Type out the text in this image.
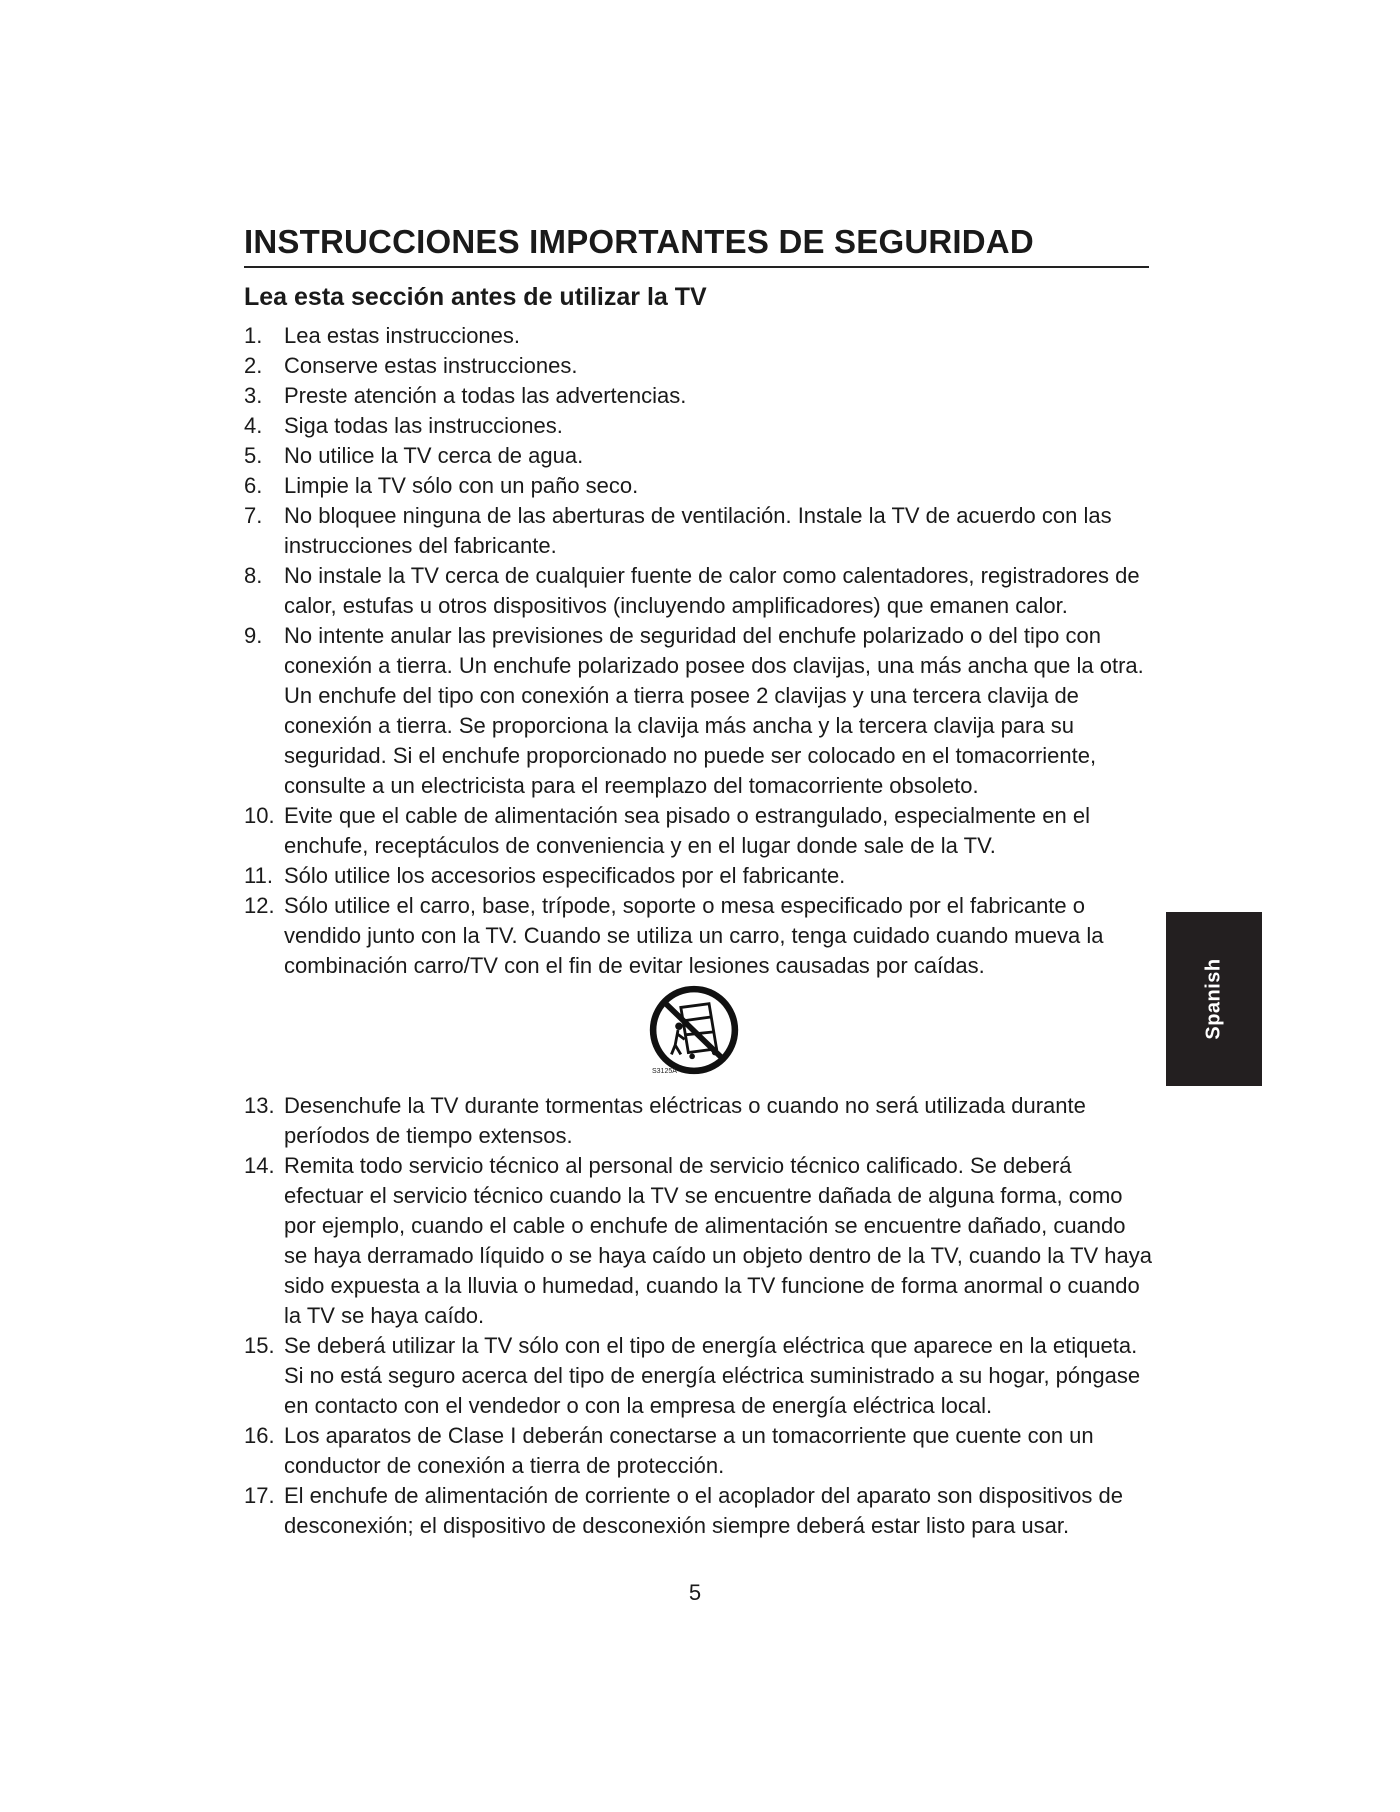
INSTRUCCIONES IMPORTANTES DE SEGURIDAD
Lea esta sección antes de utilizar la TV
1. Lea estas instrucciones.
2. Conserve estas instrucciones.
3. Preste atención a todas las advertencias.
4. Siga todas las instrucciones.
5. No utilice la TV cerca de agua.
6. Limpie la TV sólo con un paño seco.
7. No bloquee ninguna de las aberturas de ventilación. Instale la TV de acuerdo con las instrucciones del fabricante.
8. No instale la TV cerca de cualquier fuente de calor como calentadores, registradores de calor, estufas u otros dispositivos (incluyendo amplificadores) que emanen calor.
9. No intente anular las previsiones de seguridad del enchufe polarizado o del tipo con conexión a tierra. Un enchufe polarizado posee dos clavijas, una más ancha que la otra. Un enchufe del tipo con conexión a tierra posee 2 clavijas y una tercera clavija de conexión a tierra. Se proporciona la clavija más ancha y la tercera clavija para su seguridad. Si el enchufe proporcionado no puede ser colocado en el tomacorriente, consulte a un electricista para el reemplazo del tomacorriente obsoleto.
10. Evite que el cable de alimentación sea pisado o estrangulado, especialmente en el enchufe, receptáculos de conveniencia y en el lugar donde sale de la TV.
11. Sólo utilice los accesorios especificados por el fabricante.
12. Sólo utilice el carro, base, trípode, soporte o mesa especificado por el fabricante o vendido junto con la TV. Cuando se utiliza un carro, tenga cuidado cuando mueva la combinación carro/TV con el fin de evitar lesiones causadas por caídas.
S3125A
13. Desenchufe la TV durante tormentas eléctricas o cuando no será utilizada durante períodos de tiempo extensos.
14. Remita todo servicio técnico al personal de servicio técnico calificado. Se deberá efectuar el servicio técnico cuando la TV se encuentre dañada de alguna forma, como por ejemplo, cuando el cable o enchufe de alimentación se encuentre dañado, cuando se haya derramado líquido o se haya caído un objeto dentro de la TV, cuando la TV haya sido expuesta a la lluvia o humedad, cuando la TV funcione de forma anormal o cuando la TV se haya caído.
15. Se deberá utilizar la TV sólo con el tipo de energía eléctrica que aparece en la etiqueta. Si no está seguro acerca del tipo de energía eléctrica suministrado a su hogar, póngase en contacto con el vendedor o con la empresa de energía eléctrica local.
16. Los aparatos de Clase I deberán conectarse a un tomacorriente que cuente con un conductor de conexión a tierra de protección.
17. El enchufe de alimentación de corriente o el acoplador del aparato son dispositivos de desconexión; el dispositivo de desconexión siempre deberá estar listo para usar.
Spanish
5
